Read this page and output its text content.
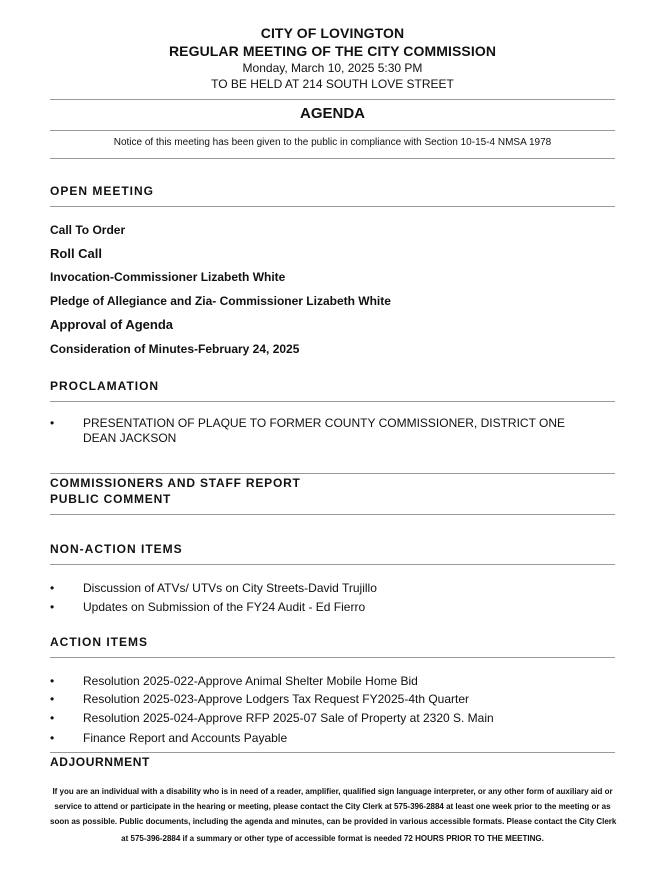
CITY OF LOVINGTON
REGULAR MEETING OF THE CITY COMMISSION
Monday, March 10, 2025 5:30 PM
TO BE HELD AT 214 SOUTH LOVE STREET
AGENDA
Notice of this meeting has been given to the public in compliance with Section 10-15-4 NMSA 1978
OPEN MEETING
Call To Order
Roll Call
Invocation-Commissioner Lizabeth White
Pledge of Allegiance and Zia- Commissioner Lizabeth White
Approval of Agenda
Consideration of Minutes-February 24, 2025
PROCLAMATION
• PRESENTATION OF PLAQUE TO FORMER COUNTY COMMISSIONER, DISTRICT ONE
DEAN JACKSON
COMMISSIONERS AND STAFF REPORT
PUBLIC COMMENT
NON-ACTION ITEMS
• Discussion of ATVs/ UTVs on City Streets-David Trujillo
• Updates on Submission of the FY24 Audit - Ed Fierro
ACTION ITEMS
• Resolution 2025-022-Approve Animal Shelter Mobile Home Bid
• Resolution 2025-023-Approve Lodgers Tax Request FY2025-4th Quarter
• Resolution 2025-024-Approve RFP 2025-07 Sale of Property at 2320 S. Main
• Finance Report and Accounts Payable
ADJOURNMENT
If you are an individual with a disability who is in need of a reader, amplifier, qualified sign language interpreter, or any other form of auxiliary aid or
service to attend or participate in the hearing or meeting, please contact the City Clerk at 575-396-2884 at least one week prior to the meeting or as
soon as possible. Public documents, including the agenda and minutes, can be provided in various accessible formats. Please contact the City Clerk
at 575-396-2884 if a summary or other type of accessible format is needed 72 HOURS PRIOR TO THE MEETING.
